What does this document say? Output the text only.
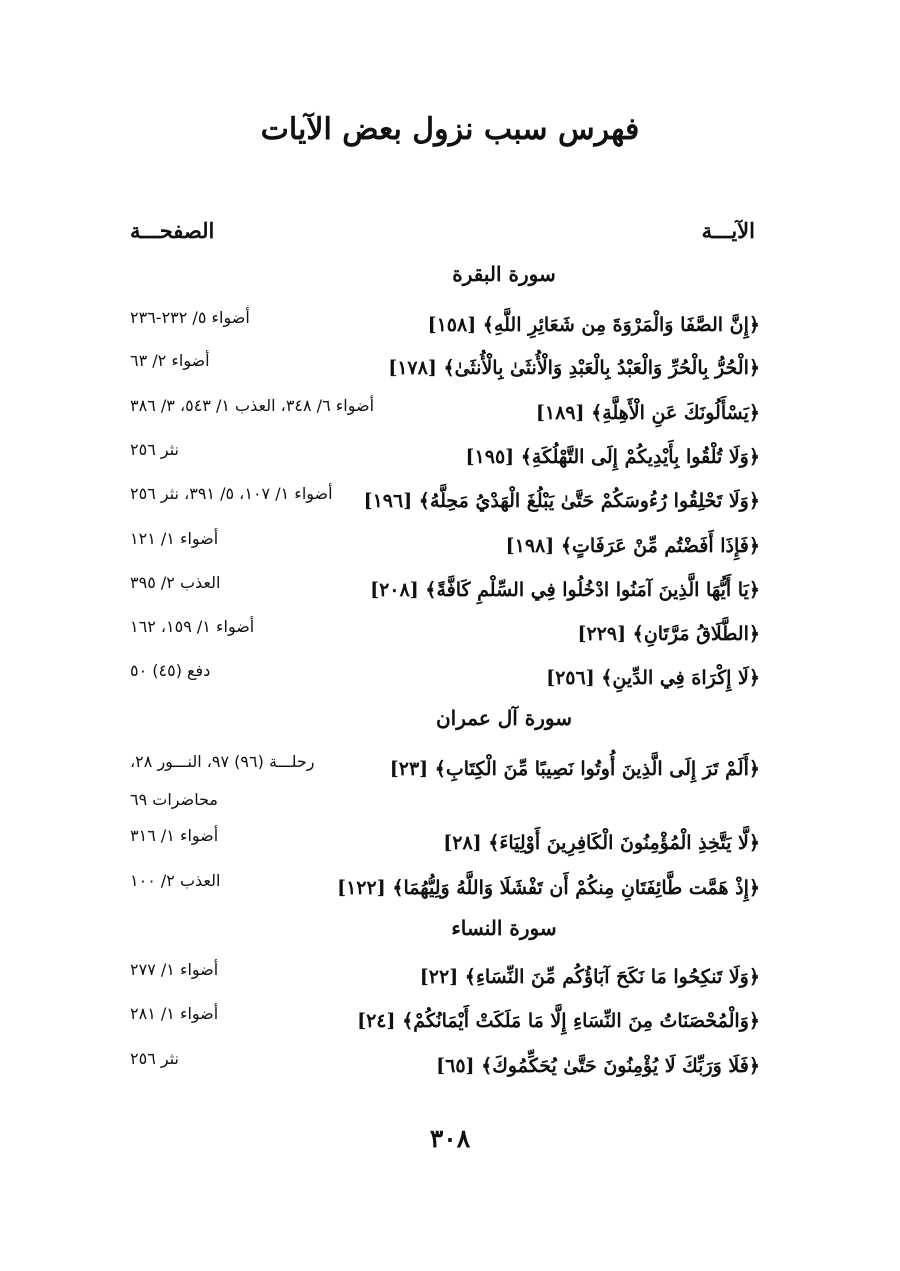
فهرس سبب نزول بعض الآيات
الآيـــة
الصفحـــة
سورة البقرة
﴿إِنَّ الصَّفَا وَالْمَرْوَةَ مِن شَعَائِرِ اللَّهِ﴾ [١٥٨]
أضواء ٥/ ٢٣٢-٢٣٦
﴿الْحُرُّ بِالْحُرِّ وَالْعَبْدُ بِالْعَبْدِ وَالْأُنثَىٰ بِالْأُنثَىٰ﴾ [١٧٨]
أضواء ٢/ ٦٣
﴿يَسْأَلُونَكَ عَنِ الْأَهِلَّةِ﴾ [١٨٩]
أضواء ٦/ ٣٤٨، العذب ١/ ٥٤٣، ٣/ ٣٨٦
﴿وَلَا تُلْقُوا بِأَيْدِيكُمْ إِلَى التَّهْلُكَةِ﴾ [١٩٥]
نثر ٢٥٦
﴿وَلَا تَحْلِقُوا رُءُوسَكُمْ حَتَّىٰ يَبْلُغَ الْهَدْيُ مَحِلَّهُ﴾ [١٩٦]
أضواء ١/ ١٠٧، ٥/ ٣٩١، نثر ٢٥٦
﴿فَإِذَا أَفَضْتُم مِّنْ عَرَفَاتٍ﴾ [١٩٨]
أضواء ١/ ١٢١
﴿يَا أَيُّهَا الَّذِينَ آمَنُوا ادْخُلُوا فِي السِّلْمِ كَافَّةً﴾ [٢٠٨]
العذب ٢/ ٣٩٥
﴿الطَّلَاقُ مَرَّتَانِ﴾ [٢٢٩]
أضواء ١/ ١٥٩، ١٦٢
﴿لَا إِكْرَاهَ فِي الدِّينِ﴾ [٢٥٦]
دفع (٤٥) ٥٠
سورة آل عمران
﴿أَلَمْ تَرَ إِلَى الَّذِينَ أُوتُوا نَصِيبًا مِّنَ الْكِتَابِ﴾ [٢٣]
رحلـــة (٩٦) ٩٧، النـــور ٢٨،
محاضرات ٦٩
﴿لَّا يَتَّخِذِ الْمُؤْمِنُونَ الْكَافِرِينَ أَوْلِيَاءَ﴾ [٢٨]
أضواء ١/ ٣١٦
﴿إِذْ هَمَّت طَّائِفَتَانِ مِنكُمْ أَن تَفْشَلَا وَاللَّهُ وَلِيُّهُمَا﴾ [١٢٢]
العذب ٢/ ١٠٠
سورة النساء
﴿وَلَا تَنكِحُوا مَا نَكَحَ آبَاؤُكُم مِّنَ النِّسَاءِ﴾ [٢٢]
أضواء ١/ ٢٧٧
﴿وَالْمُحْصَنَاتُ مِنَ النِّسَاءِ إِلَّا مَا مَلَكَتْ أَيْمَانُكُمْ﴾ [٢٤]
أضواء ١/ ٢٨١
﴿فَلَا وَرَبِّكَ لَا يُؤْمِنُونَ حَتَّىٰ يُحَكِّمُوكَ﴾ [٦٥]
نثر ٢٥٦
٣٠٨
